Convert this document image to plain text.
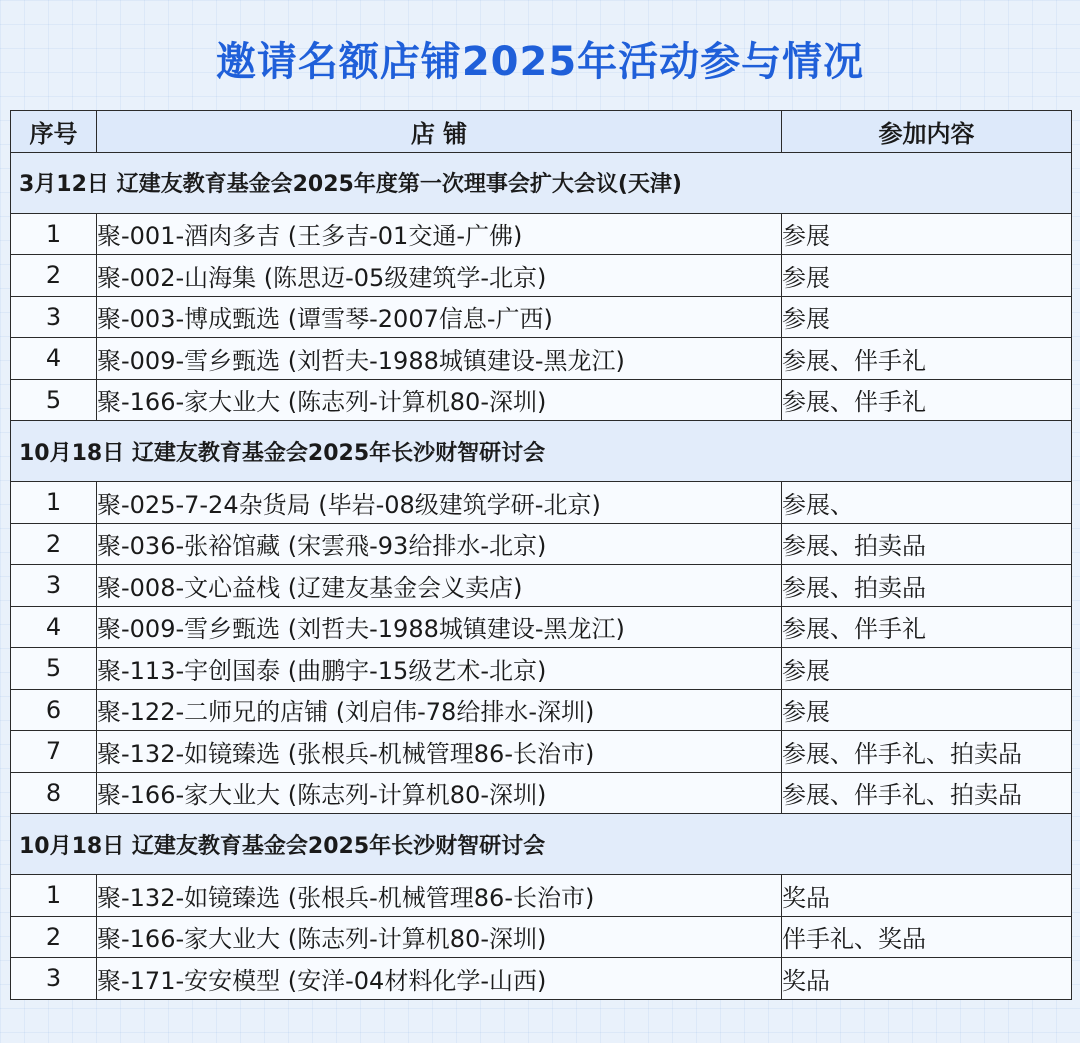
邀请名额店铺2025年活动参与情况
序号	店 铺	参加内容
3月12日 辽建友教育基金会2025年度第一次理事会扩大会议(天津)		
1	聚-001-酒肉多吉 (王多吉-01交通-广佛)	参展
2	聚-002-山海集 (陈思迈-05级建筑学-北京)	参展
3	聚-003-博成甄选 (谭雪琴-2007信息-广西)	参展
4	聚-009-雪乡甄选 (刘哲夫-1988城镇建设-黑龙江)	参展、伴手礼
5	聚-166-家大业大 (陈志列-计算机80-深圳)	参展、伴手礼
10月18日 辽建友教育基金会2025年长沙财智研讨会		
1	聚-025-7-24杂货局 (毕岩-08级建筑学研-北京)	参展、
2	聚-036-张裕馆藏 (宋雲飛-93给排水-北京)	参展、拍卖品
3	聚-008-文心益栈 (辽建友基金会义卖店)	参展、拍卖品
4	聚-009-雪乡甄选 (刘哲夫-1988城镇建设-黑龙江)	参展、伴手礼
5	聚-113-宇创国泰 (曲鹏宇-15级艺术-北京)	参展
6	聚-122-二师兄的店铺 (刘启伟-78给排水-深圳)	参展
7	聚-132-如镜臻选 (张根兵-机械管理86-长治市)	参展、伴手礼、拍卖品
8	聚-166-家大业大 (陈志列-计算机80-深圳)	参展、伴手礼、拍卖品
10月18日 辽建友教育基金会2025年长沙财智研讨会		
1	聚-132-如镜臻选 (张根兵-机械管理86-长治市)	奖品
2	聚-166-家大业大 (陈志列-计算机80-深圳)	伴手礼、奖品
3	聚-171-安安模型 (安洋-04材料化学-山西)	奖品
